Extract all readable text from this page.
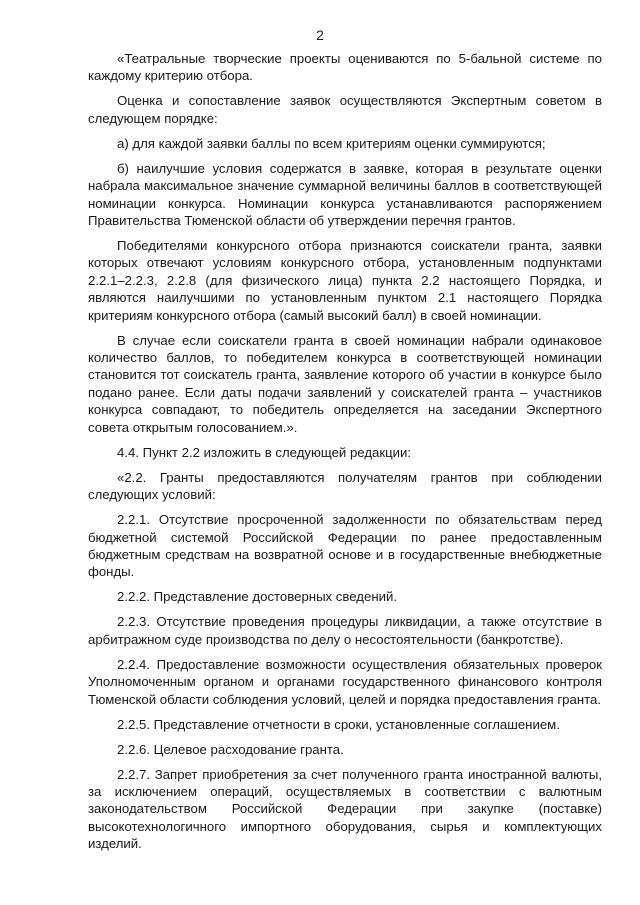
2

«Театральные творческие проекты оцениваются по 5-бальной системе по каждому критерию отбора.

Оценка и сопоставление заявок осуществляются Экспертным советом в следующем порядке:

а) для каждой заявки баллы по всем критериям оценки суммируются;

б) наилучшие условия содержатся в заявке, которая в результате оценки набрала максимальное значение суммарной величины баллов в соответствующей номинации конкурса. Номинации конкурса устанавливаются распоряжением Правительства Тюменской области об утверждении перечня грантов.

Победителями конкурсного отбора признаются соискатели гранта, заявки которых отвечают условиям конкурсного отбора, установленным подпунктами 2.2.1–2.2.3, 2.2.8 (для физического лица) пункта 2.2 настоящего Порядка, и являются наилучшими по установленным пунктом 2.1 настоящего Порядка критериям конкурсного отбора (самый высокий балл) в своей номинации.

В случае если соискатели гранта в своей номинации набрали одинаковое количество баллов, то победителем конкурса в соответствующей номинации становится тот соискатель гранта, заявление которого об участии в конкурсе было подано ранее. Если даты подачи заявлений у соискателей гранта – участников конкурса совпадают, то победитель определяется на заседании Экспертного совета открытым голосованием.».

4.4. Пункт 2.2 изложить в следующей редакции:

«2.2. Гранты предоставляются получателям грантов при соблюдении следующих условий:

2.2.1. Отсутствие просроченной задолженности по обязательствам перед бюджетной системой Российской Федерации по ранее предоставленным бюджетным средствам на возвратной основе и в государственные внебюджетные фонды.

2.2.2. Представление достоверных сведений.

2.2.3. Отсутствие проведения процедуры ликвидации, а также отсутствие в арбитражном суде производства по делу о несостоятельности (банкротстве).

2.2.4. Предоставление возможности осуществления обязательных проверок Уполномоченным органом и органами государственного финансового контроля Тюменской области соблюдения условий, целей и порядка предоставления гранта.

2.2.5. Представление отчетности в сроки, установленные соглашением.

2.2.6. Целевое расходование гранта.

2.2.7. Запрет приобретения за счет полученного гранта иностранной валюты, за исключением операций, осуществляемых в соответствии с валютным законодательством Российской Федерации при закупке (поставке) высокотехнологичного импортного оборудования, сырья и комплектующих изделий.
